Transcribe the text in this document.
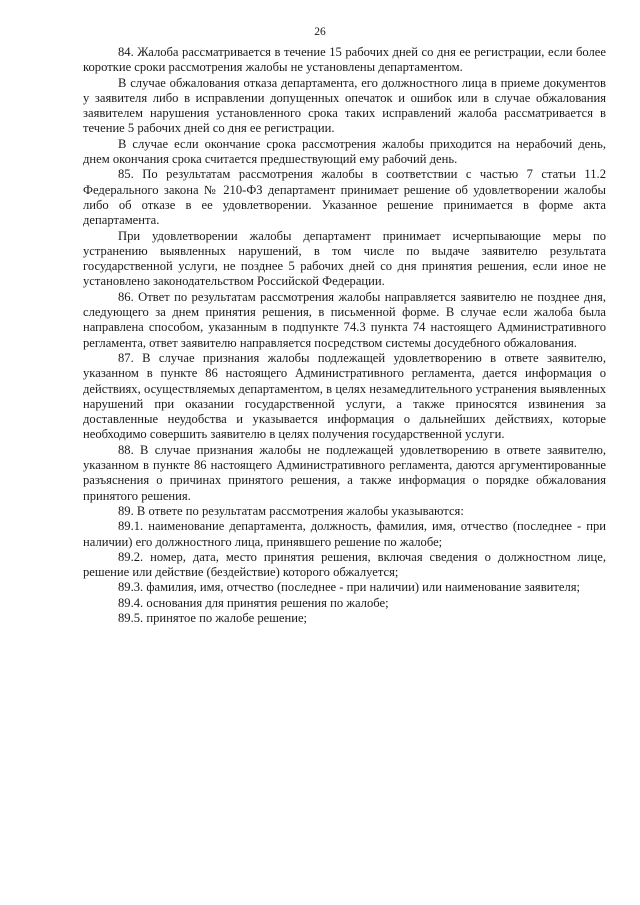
26

84. Жалоба рассматривается в течение 15 рабочих дней со дня ее регистрации, если более короткие сроки рассмотрения жалобы не установлены департаментом.

В случае обжалования отказа департамента, его должностного лица в приеме документов у заявителя либо в исправлении допущенных опечаток и ошибок или в случае обжалования заявителем нарушения установленного срока таких исправлений жалоба рассматривается в течение 5 рабочих дней со дня ее регистрации.

В случае если окончание срока рассмотрения жалобы приходится на нерабочий день, днем окончания срока считается предшествующий ему рабочий день.

85. По результатам рассмотрения жалобы в соответствии с частью 7 статьи 11.2 Федерального закона № 210-ФЗ департамент принимает решение об удовлетворении жалобы либо об отказе в ее удовлетворении. Указанное решение принимается в форме акта департамента.

При удовлетворении жалобы департамент принимает исчерпывающие меры по устранению выявленных нарушений, в том числе по выдаче заявителю результата государственной услуги, не позднее 5 рабочих дней со дня принятия решения, если иное не установлено законодательством Российской Федерации.

86. Ответ по результатам рассмотрения жалобы направляется заявителю не позднее дня, следующего за днем принятия решения, в письменной форме. В случае если жалоба была направлена способом, указанным в подпункте 74.3 пункта 74 настоящего Административного регламента, ответ заявителю направляется посредством системы досудебного обжалования.

87. В случае признания жалобы подлежащей удовлетворению в ответе заявителю, указанном в пункте 86 настоящего Административного регламента, дается информация о действиях, осуществляемых департаментом, в целях незамедлительного устранения выявленных нарушений при оказании государственной услуги, а также приносятся извинения за доставленные неудобства и указывается информация о дальнейших действиях, которые необходимо совершить заявителю в целях получения государственной услуги.

88. В случае признания жалобы не подлежащей удовлетворению в ответе заявителю, указанном в пункте 86 настоящего Административного регламента, даются аргументированные разъяснения о причинах принятого решения, а также информация о порядке обжалования принятого решения.

89. В ответе по результатам рассмотрения жалобы указываются:

89.1. наименование департамента, должность, фамилия, имя, отчество (последнее - при наличии) его должностного лица, принявшего решение по жалобе;

89.2. номер, дата, место принятия решения, включая сведения о должностном лице, решение или действие (бездействие) которого обжалуется;

89.3. фамилия, имя, отчество (последнее - при наличии) или наименование заявителя;

89.4. основания для принятия решения по жалобе;

89.5. принятое по жалобе решение;
